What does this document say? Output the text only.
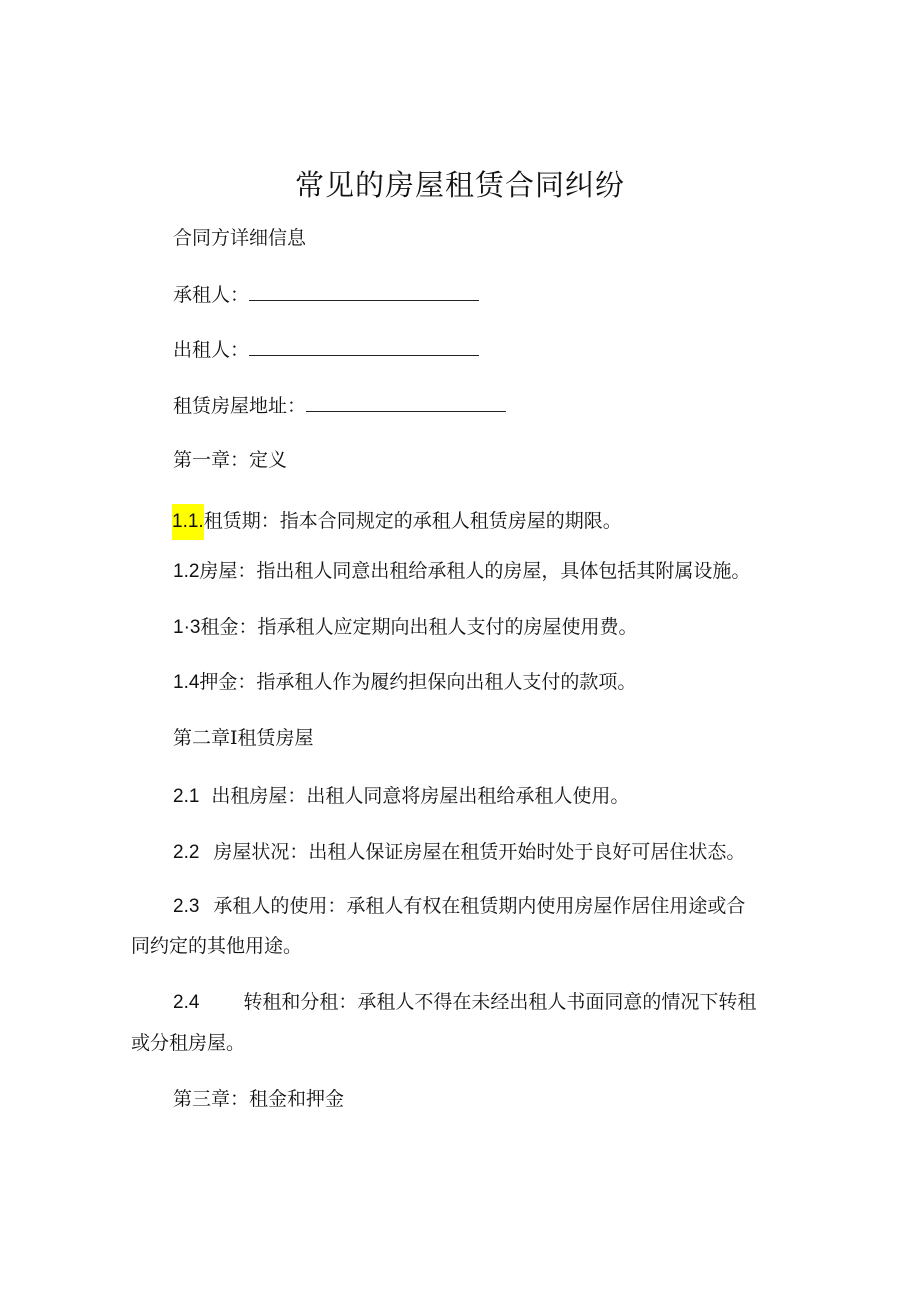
常见的房屋租赁合同纠纷
合同方详细信息
承租人：
出租人：
租赁房屋地址：
第一章：定义
1.1.租赁期：指本合同规定的承租人租赁房屋的期限。
1.2房屋：指出租人同意出租给承租人的房屋，具体包括其附属设施。
1·3租金：指承租人应定期向出租人支付的房屋使用费。
1.4押金：指承租人作为履约担保向出租人支付的款项。
第二章I租赁房屋
2.1 出租房屋：出租人同意将房屋出租给承租人使用。
2.2 房屋状况：出租人保证房屋在租赁开始时处于良好可居住状态。
2.3 承租人的使用：承租人有权在租赁期内使用房屋作居住用途或合
同约定的其他用途。
2.4 转租和分租：承租人不得在未经出租人书面同意的情况下转租
或分租房屋。
第三章：租金和押金
